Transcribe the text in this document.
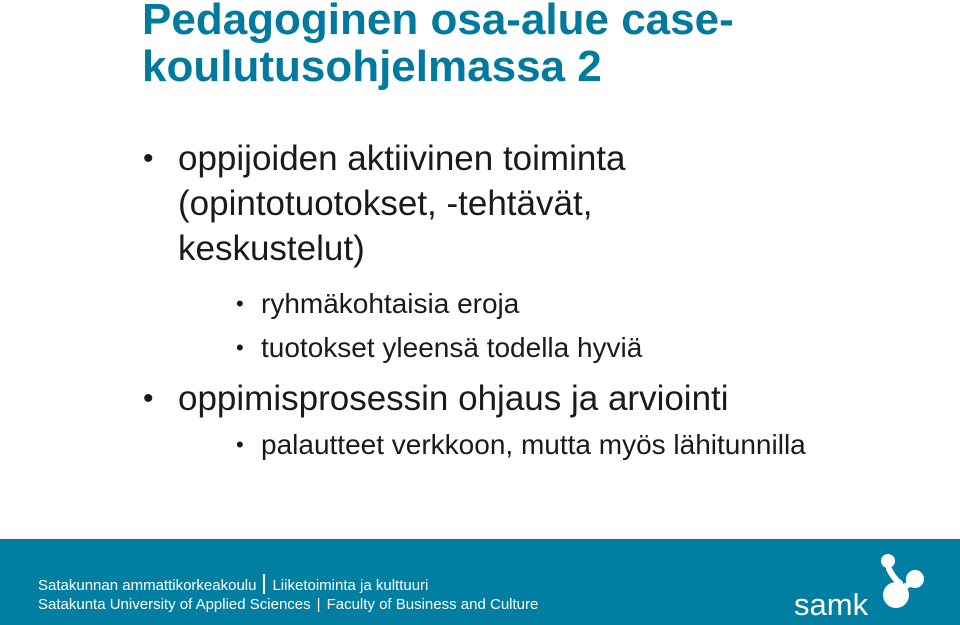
Pedagoginen osa-alue case-
koulutusohjelmassa 2
• oppijoiden aktiivinen toiminta
(opintotuotokset, -tehtävät,
keskustelut)
• ryhmäkohtaisia eroja
• tuotokset yleensä todella hyviä
• oppimisprosessin ohjaus ja arviointi
• palautteet verkkoon, mutta myös lähitunnilla
Satakunnan ammattikorkeakoulu Liiketoiminta ja kulttuuri
Satakunta University of Applied Sciences | Faculty of Business and Culture	samk
